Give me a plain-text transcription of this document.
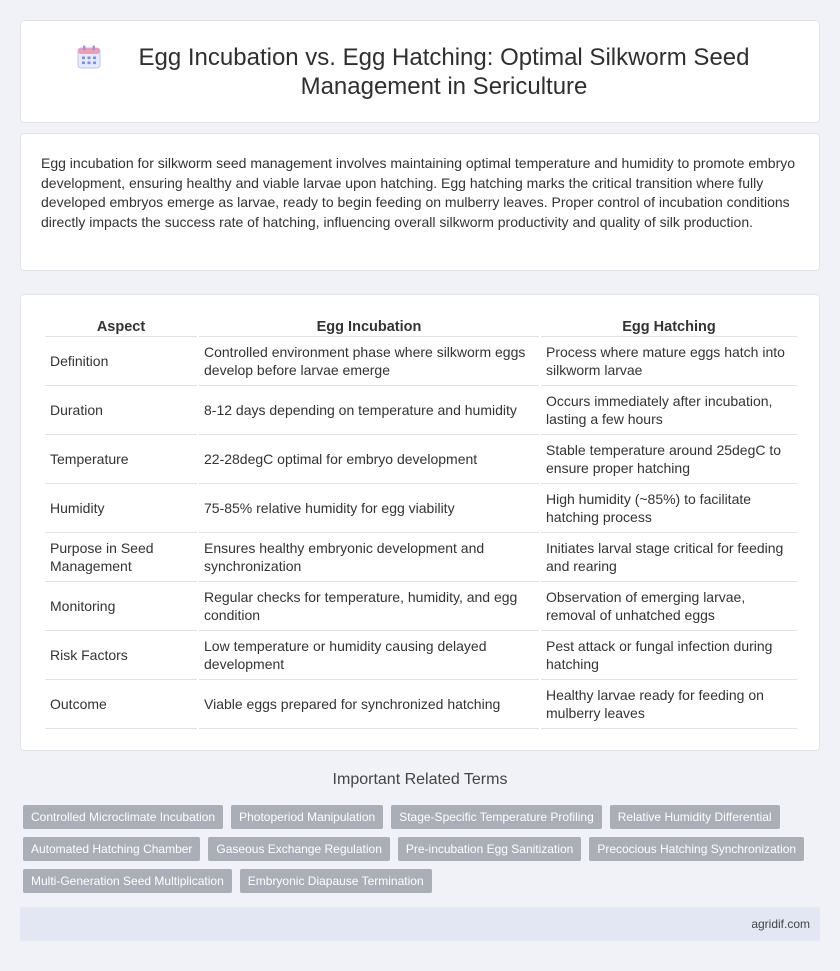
Egg Incubation vs. Egg Hatching: Optimal Silkworm Seed Management in Sericulture

Egg incubation for silkworm seed management involves maintaining optimal temperature and humidity to promote embryo development, ensuring healthy and viable larvae upon hatching. Egg hatching marks the critical transition where fully developed embryos emerge as larvae, ready to begin feeding on mulberry leaves. Proper control of incubation conditions directly impacts the success rate of hatching, influencing overall silkworm productivity and quality of silk production.

Aspect	Egg Incubation	Egg Hatching
Definition	Controlled environment phase where silkworm eggs develop before larvae emerge	Process where mature eggs hatch into silkworm larvae
Duration	8-12 days depending on temperature and humidity	Occurs immediately after incubation, lasting a few hours
Temperature	22-28degC optimal for embryo development	Stable temperature around 25degC to ensure proper hatching
Humidity	75-85% relative humidity for egg viability	High humidity (~85%) to facilitate hatching process
Purpose in Seed Management	Ensures healthy embryonic development and synchronization	Initiates larval stage critical for feeding and rearing
Monitoring	Regular checks for temperature, humidity, and egg condition	Observation of emerging larvae, removal of unhatched eggs
Risk Factors	Low temperature or humidity causing delayed development	Pest attack or fungal infection during hatching
Outcome	Viable eggs prepared for synchronized hatching	Healthy larvae ready for feeding on mulberry leaves
Important Related Terms
Controlled Microclimate Incubation	Photoperiod Manipulation	Stage-Specific Temperature Profiling	Relative Humidity Differential
Automated Hatching Chamber	Gaseous Exchange Regulation	Pre-incubation Egg Sanitization	Precocious Hatching Synchronization
Multi-Generation Seed Multiplication	Embryonic Diapause Termination
agridif.com
